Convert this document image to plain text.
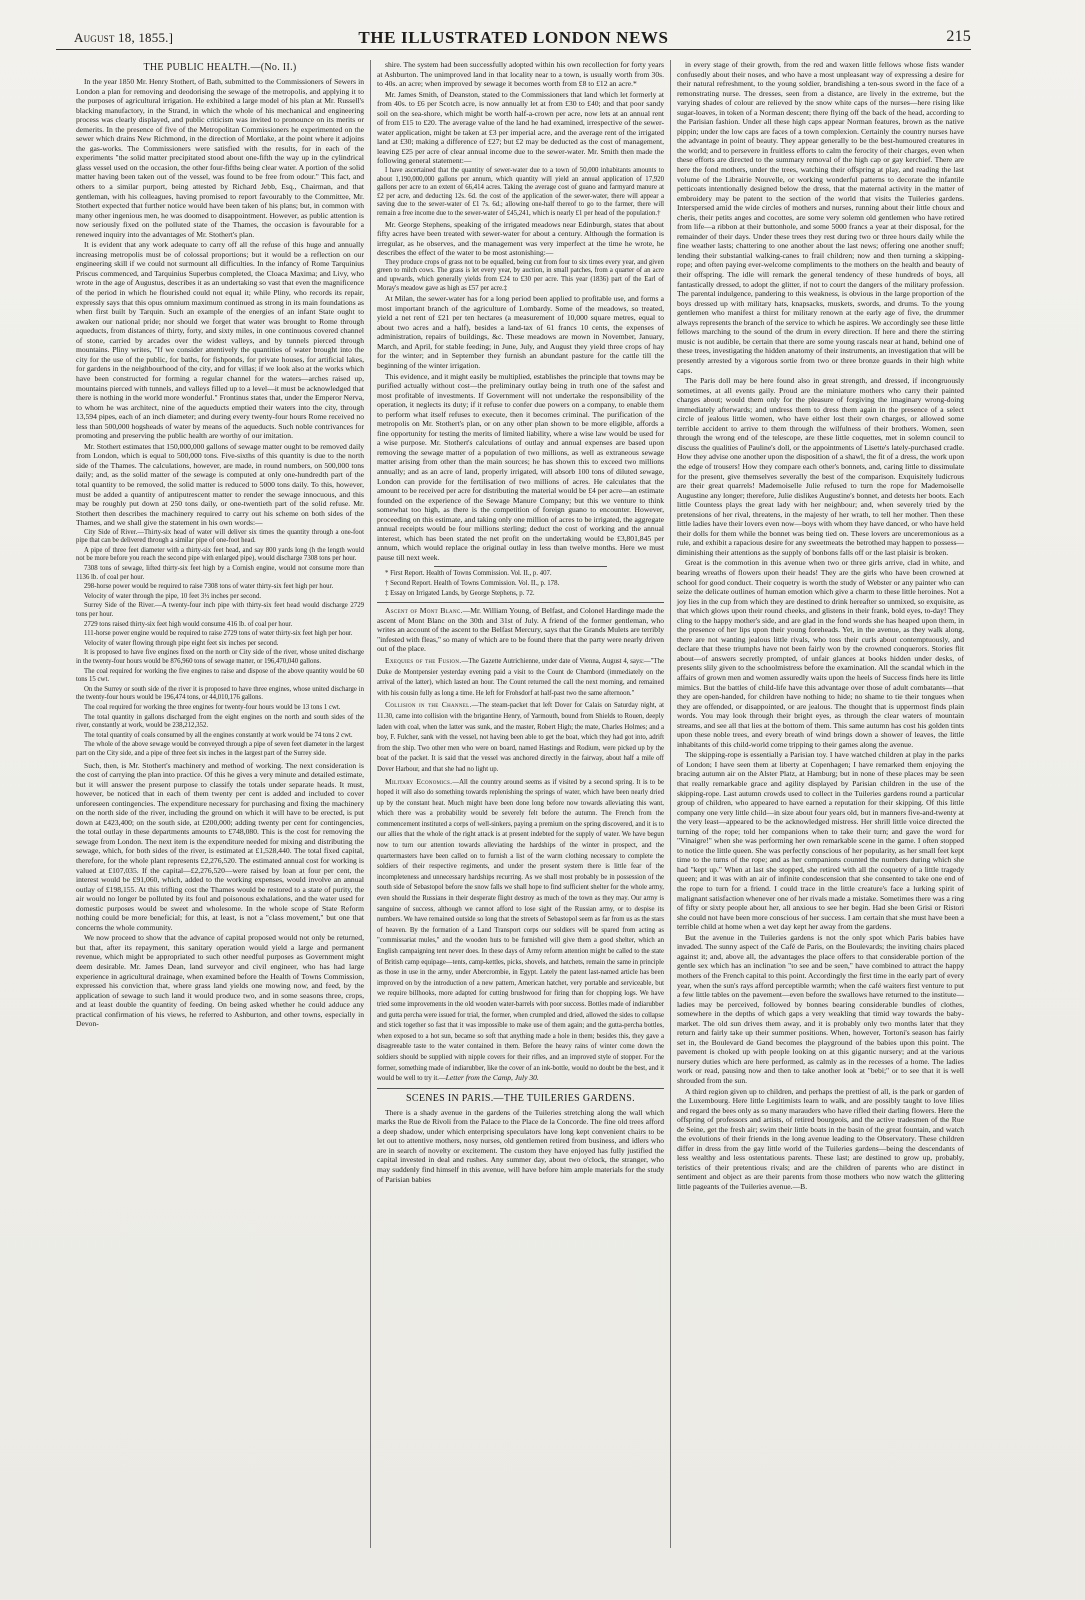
August 18, 1855.]	THE ILLUSTRATED LONDON NEWS	215
THE PUBLIC HEALTH.—(No. II.)

In the year 1850 Mr. Henry Stothert, of Bath, submitted to the Commissioners of Sewers in London a plan for removing and deodorising the sewage of the metropolis, and applying it to the purposes of agricultural irrigation. He exhibited a large model of his plan at Mr. Russell's blacking manufactory, in the Strand, in which the whole of his mechanical and engineering process was clearly displayed, and public criticism was invited to pronounce on its merits or demerits. In the presence of five of the Metropolitan Commissioners he experimented on the sewer which drains New Richmond, in the direction of Mortlake, at the point where it adjoins the gas-works. The Commissioners were satisfied with the results, for in each of the experiments "the solid matter precipitated stood about one-fifth the way up in the cylindrical glass vessel used on the occasion, the other four-fifths being clear water. A portion of the solid matter having been taken out of the vessel, was found to be free from odour." This fact, and others to a similar purport, being attested by Richard Jebb, Esq., Chairman, and that gentleman, with his colleagues, having promised to report favourably to the Committee, Mr. Stothert expected that further notice would have been taken of his plans; but, in common with many other ingenious men, he was doomed to disappointment. However, as public attention is now seriously fixed on the polluted state of the Thames, the occasion is favourable for a renewed inquiry into the advantages of Mr. Stothert's plan.

It is evident that any work adequate to carry off all the refuse of this huge and annually increasing metropolis must be of colossal proportions; but it would be a reflection on our engineering skill if we could not surmount all difficulties. In the infancy of Rome Tarquinius Priscus commenced, and Tarquinius Superbus completed, the Cloaca Maxima; and Livy, who wrote in the age of Augustus, describes it as an undertaking so vast that even the magnificence of the period in which he flourished could not equal it; while Pliny, who records its repair, expressly says that this opus omnium maximum continued as strong in its main foundations as when first built by Tarquin. Such an example of the energies of an infant State ought to awaken our national pride; nor should we forget that water was brought to Rome through aqueducts, from distances of thirty, forty, and sixty miles, in one continuous covered channel of stone, carried by arcades over the widest valleys, and by tunnels pierced through mountains. Pliny writes, "If we consider attentively the quantities of water brought into the city for the use of the public, for baths, for fishponds, for private houses, for artificial lakes, for gardens in the neighbourhood of the city, and for villas; if we look also at the works which have been constructed for forming a regular channel for the waters—arches raised up, mountains pierced with tunnels, and valleys filled up to a level—it must be acknowledged that there is nothing in the world more wonderful." Frontinus states that, under the Emperor Nerva, to whom he was architect, nine of the aqueducts emptied their waters into the city, through 13,594 pipes, each of an inch diameter; and during every twenty-four hours Rome received no less than 500,000 hogsheads of water by means of the aqueducts. Such noble contrivances for promoting and preserving the public health are worthy of our imitation.

Mr. Stothert estimates that 150,000,000 gallons of sewage matter ought to be removed daily from London, which is equal to 500,000 tons. Five-sixths of this quantity is due to the north side of the Thames. The calculations, however, are made, in round numbers, on 500,000 tons daily; and, as the solid matter of the sewage is computed at only one-hundredth part of the total quantity to be removed, the solid matter is reduced to 5000 tons daily. To this, however, must be added a quantity of antiputrescent matter to render the sewage innocuous, and this may be roughly put down at 250 tons daily, or one-twentieth part of the solid refuse. Mr. Stothert then describes the machinery required to carry out his scheme on both sides of the Thames, and we shall give the statement in his own words:—

City Side of River.—Thirty-six head of water will deliver six times the quantity through a one-foot pipe that can be delivered through a similar pipe of one-foot head.

A pipe of three feet diameter with a thirty-six feet head, and say 800 yards long (h the length would not be more before you reach the second pipe with enlarged pipe), would discharge 7308 tons per hour.

7308 tons of sewage, lifted thirty-six feet high by a Cornish engine, would not consume more than 1136 lb. of coal per hour.

298-horse power would be required to raise 7308 tons of water thirty-six feet high per hour.

Velocity of water through the pipe, 10 feet 3½ inches per second.

Surrey Side of the River.—A twenty-four inch pipe with thirty-six feet head would discharge 2729 tons per hour.

2729 tons raised thirty-six feet high would consume 416 lb. of coal per hour.

111-horse power engine would be required to raise 2729 tons of water thirty-six feet high per hour.

Velocity of water flowing through pipe eight feet six inches per second.

It is proposed to have five engines fixed on the north or City side of the river, whose united discharge in the twenty-four hours would be 876,960 tons of sewage matter, or 196,470,040 gallons.

The coal required for working the five engines to raise and dispose of the above quantity would be 60 tons 15 cwt.

On the Surrey or south side of the river it is proposed to have three engines, whose united discharge in the twenty-four hours would be 196,474 tons, or 44,010,176 gallons.

The coal required for working the three engines for twenty-four hours would be 13 tons 1 cwt.

The total quantity in gallons discharged from the eight engines on the north and south sides of the river, constantly at work, would be 238,212,352.

The total quantity of coals consumed by all the engines constantly at work would be 74 tons 2 cwt.

The whole of the above sewage would be conveyed through a pipe of seven feet diameter in the largest part on the City side, and a pipe of three feet six inches in the largest part of the Surrey side.

Such, then, is Mr. Stothert's machinery and method of working. The next consideration is the cost of carrying the plan into practice. Of this he gives a very minute and detailed estimate, but it will answer the present purpose to classify the totals under separate heads. It must, however, be noticed that in each of them twenty per cent is added and included to cover unforeseen contingencies. The expenditure necessary for purchasing and fixing the machinery on the north side of the river, including the ground on which it will have to be erected, is put down at £423,400; on the south side, at £200,000; adding twenty per cent for contingencies, the total outlay in these departments amounts to £748,080. This is the cost for removing the sewage from London. The next item is the expenditure needed for mixing and distributing the sewage, which, for both sides of the river, is estimated at £1,528,440. The total fixed capital, therefore, for the whole plant represents £2,276,520. The estimated annual cost for working is valued at £107,035. If the capital—£2,276,520—were raised by loan at four per cent, the interest would be £91,060, which, added to the working expenses, would involve an annual outlay of £198,155. At this trifling cost the Thames would be restored to a state of purity, the air would no longer be polluted by its foul and poisonous exhalations, and the water used for domestic purposes would be sweet and wholesome. In the whole scope of State Reform nothing could be more beneficial; for this, at least, is not a "class movement," but one that concerns the whole community.

We now proceed to show that the advance of capital proposed would not only be returned, but that, after its repayment, this sanitary operation would yield a large and permanent revenue, which might be appropriated to such other needful purposes as Government might deem desirable. Mr. James Dean, land surveyor and civil engineer, who has had large experience in agricultural drainage, when examined before the Health of Towns Commission, expressed his conviction that, where grass land yields one mowing now, and feed, by the application of sewage to such land it would produce two, and in some seasons three, crops, and at least double the quantity of feeding. On being asked whether he could adduce any practical confirmation of his views, he referred to Ashburton, and other towns, especially in Devon-

shire. The system had been successfully adopted within his own recollection for forty years at Ashburton. The unimproved land in that locality near to a town, is usually worth from 30s. to 40s. an acre; when improved by sewage it becomes worth from £8 to £12 an acre.*

Mr. James Smith, of Deanston, stated to the Commissioners that land which let formerly at from 40s. to £6 per Scotch acre, is now annually let at from £30 to £40; and that poor sandy soil on the sea-shore, which might be worth half-a-crown per acre, now lets at an annual rent of from £15 to £20. The average value of the land he had examined, irrespective of the sewer-water application, might be taken at £3 per imperial acre, and the average rent of the irrigated land at £30; making a difference of £27; but £2 may be deducted as the cost of management, leaving £25 per acre of clear annual income due to the sewer-water. Mr. Smith then made the following general statement:—

I have ascertained that the quantity of sewer-water due to a town of 50,000 inhabitants amounts to about 1,190,000,000 gallons per annum, which quantity will yield an annual application of 17,920 gallons per acre to an extent of 66,414 acres. Taking the average cost of guano and farmyard manure at £2 per acre, and deducting 12s. 6d. the cost of the application of the sewer-water, there will appear a saving due to the sewer-water of £1 7s. 6d.; allowing one-half thereof to go to the farmer, there will remain a free income due to the sewer-water of £45,241, which is nearly £1 per head of the population.†

Mr. George Stephens, speaking of the irrigated meadows near Edinburgh, states that about fifty acres have been treated with sewer-water for about a century. Although the formation is irregular, as he observes, and the management was very imperfect at the time he wrote, he describes the effect of the water to be most astonishing:—

They produce crops of grass not to be equalled, being cut from four to six times every year, and given green to milch cows. The grass is let every year, by auction, in small patches, from a quarter of an acre and upwards, which generally yields from £24 to £30 per acre. This year (1836) part of the Earl of Moray's meadow gave as high as £57 per acre.‡

At Milan, the sewer-water has for a long period been applied to profitable use, and forms a most important branch of the agriculture of Lombardy. Some of the meadows, so treated, yield a net rent of £21 per ten hectares (a measurement of 10,000 square metres, equal to about two acres and a half), besides a land-tax of 61 francs 10 cents, the expenses of administration, repairs of buildings, &c. These meadows are mown in November, January, March, and April, for stable feeding; in June, July, and August they yield three crops of hay for the winter; and in September they furnish an abundant pasture for the cattle till the beginning of the winter irrigation.

This evidence, and it might easily be multiplied, establishes the principle that towns may be purified actually without cost—the preliminary outlay being in truth one of the safest and most profitable of investments. If Government will not undertake the responsibility of the operation, it neglects its duty; if it refuse to confer due powers on a company, to enable them to perform what itself refuses to execute, then it becomes criminal. The purification of the metropolis on Mr. Stothert's plan, or on any other plan shown to be more eligible, affords a fine opportunity for testing the merits of limited liability, where a wise law would be used for a wise purpose. Mr. Stothert's calculations of outlay and annual expenses are based upon removing the sewage matter of a population of two millions, as well as extraneous sewage matter arising from other than the main sources; he has shown this to exceed two millions annually; and as an acre of land, properly irrigated, will absorb 100 tons of diluted sewage, London can provide for the fertilisation of two millions of acres. He calculates that the amount to be received per acre for distributing the material would be £4 per acre—an estimate founded on the experience of the Sewage Manure Company; but this we venture to think somewhat too high, as there is the competition of foreign guano to encounter. However, proceeding on this estimate, and taking only one million of acres to be irrigated, the aggregate annual receipts would be four millions sterling; deduct the cost of working and the annual interest, which has been stated the net profit on the undertaking would be £3,801,845 per annum, which would replace the original outlay in less than twelve months. Here we must pause till next week.

* First Report. Health of Towns Commission. Vol. II., p. 407.

† Second Report. Health of Towns Commission. Vol. II., p. 178.

‡ Essay on Irrigated Lands, by George Stephens, p. 72.

Ascent of Mont Blanc.—Mr. William Young, of Belfast, and Colonel Hardinge made the ascent of Mont Blanc on the 30th and 31st of July. A friend of the former gentleman, who writes an account of the ascent to the Belfast Mercury, says that the Grands Mulets are terribly "infested with fleas," so many of which are to be found there that the party were nearly driven out of the place.

Exequies of the Fusion.—The Gazette Autrichienne, under date of Vienna, August 4, says:—"The Duke de Montpensier yesterday evening paid a visit to the Count de Chambord (immediately on the arrival of the latter), which lasted an hour. The Count returned the call the next morning, and remained with his cousin fully as long a time. He left for Frohsdorf at half-past two the same afternoon."

Collision in the Channel.—The steam-packet that left Dover for Calais on Saturday night, at 11.30, came into collision with the brigantine Henry, of Yarmouth, bound from Shields to Rouen, deeply laden with coal, when the latter was sunk, and the master, Robert High; the mate, Charles Holmes; and a boy, F. Fulcher, sank with the vessel, not having been able to get the boat, which they had got into, adrift from the ship. Two other men who were on board, named Hastings and Rodium, were picked up by the boat of the packet. It is said that the vessel was anchored directly in the fairway, about half a mile off Dover Harbour, and that she had no light up.

Military Economics.—All the country around seems as if visited by a second spring. It is to be hoped it will also do something towards replenishing the springs of water, which have been nearly dried up by the constant heat. Much might have been done long before now towards alleviating this want, which there was a probability would be severely felt before the autumn. The French from the commencement instituted a corps of well-sinkers, paying a premium on the spring discovered, and it is to our allies that the whole of the right attack is at present indebted for the supply of water. We have begun now to turn our attention towards alleviating the hardships of the winter in prospect, and the quartermasters have been called on to furnish a list of the warm clothing necessary to complete the soldiers of their respective regiments, and under the present system there is little fear of the incompleteness and unnecessary hardships recurring. As we shall most probably be in possession of the south side of Sebastopol before the snow falls we shall hope to find sufficient shelter for the whole army, even should the Russians in their desperate flight destroy as much of the town as they may. Our army is sanguine of success, although we cannot afford to lose sight of the Russian army, or to despise its numbers. We have remained outside so long that the streets of Sebastopol seem as far from us as the stars of heaven. By the formation of a Land Transport corps our soldiers will be spared from acting as "commissariat mules," and the wooden huts to be furnished will give them a good shelter, which an English campaigning tent never does. In these days of Army reform attention might be called to the state of British camp equipage—tents, camp-kettles, picks, shovels, and hatchets, remain the same in principle as those in use in the army, under Abercrombie, in Egypt. Lately the patent last-named article has been improved on by the introduction of a new pattern, American hatchet, very portable and serviceable, but we require billhooks, more adapted for cutting brushwood for firing than for chopping logs. We have tried some improvements in the old wooden water-barrels with poor success. Bottles made of indiarubber and gutta percha were issued for trial, the former, when crumpled and dried, allowed the sides to collapse and stick together so fast that it was impossible to make use of them again; and the gutta-percha bottles, when exposed to a hot sun, became so soft that anything made a hole in them; besides this, they gave a disagreeable taste to the water contained in them. Before the heavy rains of winter come down the soldiers should be supplied with nipple covers for their rifles, and an improved style of stopper. For the former, something made of indiarubber, like the cover of an ink-bottle, would no doubt be the best, and it would be well to try it.—Letter from the Camp, July 30.

SCENES IN PARIS.—THE TUILERIES GARDENS.

There is a shady avenue in the gardens of the Tuileries stretching along the wall which marks the Rue de Rivoli from the Palace to the Place de la Concorde. The fine old trees afford a deep shadow, under which enterprising speculators have long kept convenient chairs to be let out to attentive mothers, nosy nurses, old gentlemen retired from business, and idlers who are in search of novelty or excitement. The custom they have enjoyed has fully justified the capital invested in deal and rushes. Any summer day, about two o'clock, the stranger, who may suddenly find himself in this avenue, will have before him ample materials for the study of Parisian babies

in every stage of their growth, from the red and waxen little fellows whose fists wander confusedly about their noses, and who have a most unpleasant way of expressing a desire for their natural refreshment, to the young soldier, brandishing a ten-sous sword in the face of a remonstrating nurse. The dresses, seen from a distance, are lively in the extreme, but the varying shades of colour are relieved by the snow white caps of the nurses—here rising like sugar-loaves, in token of a Norman descent; there flying off the back of the head, according to the Parisian fashion. Under all these high caps appear Norman features, brown as the native pippin; under the low caps are faces of a town complexion. Certainly the country nurses have the advantage in point of beauty. They appear generally to be the best-humoured creatures in the world; and to persevere in fruitless efforts to calm the ferocity of their charges, even when these efforts are directed to the summary removal of the high cap or gay kerchief. There are here the fond mothers, under the trees, watching their offspring at play, and reading the last volume of the Librairie Nouvelle, or working wonderful patterns to decorate the infantile petticoats intentionally designed below the dress, that the maternal activity in the matter of embroidery may be patent to the section of the world that visits the Tuileries gardens. Interspersed amid the wide circles of mothers and nurses, running about their little choux and cheris, their petits anges and cocottes, are some very solemn old gentlemen who have retired from life—a ribbon at their buttonhole, and some 5000 francs a year at their disposal, for the remainder of their days. Under these trees they rest during two or three hours daily while the fine weather lasts; chattering to one another about the last news; offering one another snuff; lending their substantial walking-canes to frail children; now and then turning a skipping-rope; and often paying ever-welcome compliments to the mothers on the health and beauty of their offspring. The idle will remark the general tendency of these hundreds of boys, all fantastically dressed, to adopt the glitter, if not to court the dangers of the military profession. The parental indulgence, pandering to this weakness, is obvious in the large proportion of the boys dressed up with military hats, knapsacks, muskets, swords, and drums. To the young gentlemen who manifest a thirst for military renown at the early age of five, the drummer always represents the branch of the service to which he aspires. We accordingly see these little fellows marching to the sound of the drum in every direction. If here and there the stirring music is not audible, be certain that there are some young rascals near at hand, behind one of these trees, investigating the hidden anatomy of their instruments, an investigation that will be presently arrested by a vigorous sortie from two or three bronze guards in their high white caps.

The Paris doll may be here found also in great strength, and dressed, if incongruously sometimes, at all events gaily. Proud are the miniature mothers who carry their painted charges about; would them only for the pleasure of forgiving the imaginary wrong-doing immediately afterwards; and undress them to dress them again in the presence of a select circle of jealous little women, who have either lost their own charges, or allowed some terrible accident to arrive to them through the wilfulness of their brothers. Women, seen through the wrong end of the telescope, are these little coquettes, met in solemn council to discuss the qualities of Pauline's doll, or the appointments of Lisette's lately-purchased cradle. How they advise one another upon the disposition of a shawl, the fit of a dress, the work upon the edge of trousers! How they compare each other's bonnets, and, caring little to dissimulate for the present, give themselves severally the best of the comparison. Exquisitely ludicrous are their great quarrels! Mademoiselle Julie refused to turn the rope for Mademoiselle Augustine any longer; therefore, Julie dislikes Augustine's bonnet, and detests her boots. Each little Countess plays the great lady with her neighbour; and, when severely tried by the pretensions of her rival, threatens, in the majesty of her wrath, to tell her mother. Then these little ladies have their lovers even now—boys with whom they have danced, or who have held their dolls for them while the bonnet was being tied on. These lovers are unceremonious as a rule, and exhibit a rapacious desire for any sweetmeats the betrothed may happen to possess—diminishing their attentions as the supply of bonbons falls off or the last plaisir is broken.

Great is the commotion in this avenue when two or three girls arrive, clad in white, and bearing wreaths of flowers upon their heads! They are the girls who have been crowned at school for good conduct. Their coquetry is worth the study of Webster or any painter who can seize the delicate outlines of human emotion which give a charm to these little heroines. Not a joy lies in the cup from which they are destined to drink hereafter so unmixed, so exquisite, as that which glows upon their round cheeks, and glistens in their frank, bold eyes, to-day! They cling to the happy mother's side, and are glad in the fond words she has heaped upon them, in the presence of her lips upon their young foreheads. Yet, in the avenue, as they walk along, there are not wanting jealous little rivals, who toss their curls about contemptuously, and declare that these triumphs have not been fairly won by the crowned conquerors. Stories flit about—of answers secretly prompted, of unfair glances at books hidden under desks, of presents slily given to the schoolmistress before the examination. All the scandal which in the affairs of grown men and women assuredly waits upon the heels of Success finds here its little mimics. But the battles of child-life have this advantage over those of adult combatants—that they are open-handed, for children have nothing to hide; no shame to tie their tongues when they are offended, or disappointed, or are jealous. The thought that is uppermost finds plain words. You may look through their bright eyes, as through the clear waters of mountain streams, and see all that lies at the bottom of them. This same autumn has cost his golden tints upon these noble trees, and every breath of wind brings down a shower of leaves, the little inhabitants of this child-world come tripping to their games along the avenue.

The skipping-rope is essentially a Parisian toy. I have watched children at play in the parks of London; I have seen them at liberty at Copenhagen; I have remarked them enjoying the bracing autumn air on the Alster Platz, at Hamburg; but in none of these places may be seen that really remarkable grace and agility displayed by Parisian children in the use of the skipping-rope. Last autumn crowds used to collect in the Tuileries gardens round a particular group of children, who appeared to have earned a reputation for their skipping. Of this little company one very little child—in size about four years old, but in manners five-and-twenty at the very least—appeared to be the acknowledged mistress. Her shrill little voice directed the turning of the rope; told her companions when to take their turn; and gave the word for "Vinaigre!" when she was performing her own remarkable scene in the game. I often stopped to notice the little queen. She was perfectly conscious of her popularity, as her small feet kept time to the turns of the rope; and as her companions counted the numbers during which she had "kept up." When at last she stopped, she retired with all the coquetry of a little tragedy queen; and it was with an air of infinite condescension that she consented to take one end of the rope to turn for a friend. I could trace in the little creature's face a lurking spirit of malignant satisfaction whenever one of her rivals made a mistake. Sometimes there was a ring of fifty or sixty people about her, all anxious to see her begin. Had she been Grisi or Ristori she could not have been more conscious of her success. I am certain that she must have been a terrible child at home when a wet day kept her away from the gardens.

But the avenue in the Tuileries gardens is not the only spot which Paris babies have invaded. The sunny aspect of the Café de Paris, on the Boulevards; the inviting chairs placed against it; and, above all, the advantages the place offers to that considerable portion of the gentle sex which has an inclination "to see and be seen," have combined to attract the happy mothers of the French capital to this point. Accordingly the first time in the early part of every year, when the sun's rays afford perceptible warmth; when the café waiters first venture to put a few little tables on the pavement—even before the swallows have returned to the institute—ladies may be perceived, followed by bonnes bearing considerable bundles of clothes, somewhere in the depths of which gaps a very weakling that timid way towards the baby-market. The old sun drives them away, and it is probably only two months later that they return and fairly take up their summer positions. When, however, Tortoni's season has fairly set in, the Boulevard de Gand becomes the playground of the babies upon this point. The pavement is choked up with people looking on at this gigantic nursery; and at the various nursery duties which are here performed, as calmly as in the recesses of a home. The ladies work or read, pausing now and then to take another look at "bebi;" or to see that it is well shrouded from the sun.

A third region given up to children, and perhaps the prettiest of all, is the park or garden of the Luxembourg. Here little Legitimists learn to walk, and are possibly taught to love lilies and regard the bees only as so many marauders who have rifled their darling flowers. Here the offspring of professors and artists, of retired bourgeois, and the active tradesmen of the Rue de Seine, get the fresh air; swim their little boats in the basin of the great fountain, and watch the evolutions of their friends in the long avenue leading to the Observatory. These children differ in dress from the gay little world of the Tuileries gardens—being the descendants of less wealthy and less ostentatious parents. These last; are destined to grow up, probably, teristics of their pretentious rivals; and are the children of parents who are distinct in sentiment and object as are their parents from those mothers who now watch the glittering little pageants of the Tuileries avenue.—B.
